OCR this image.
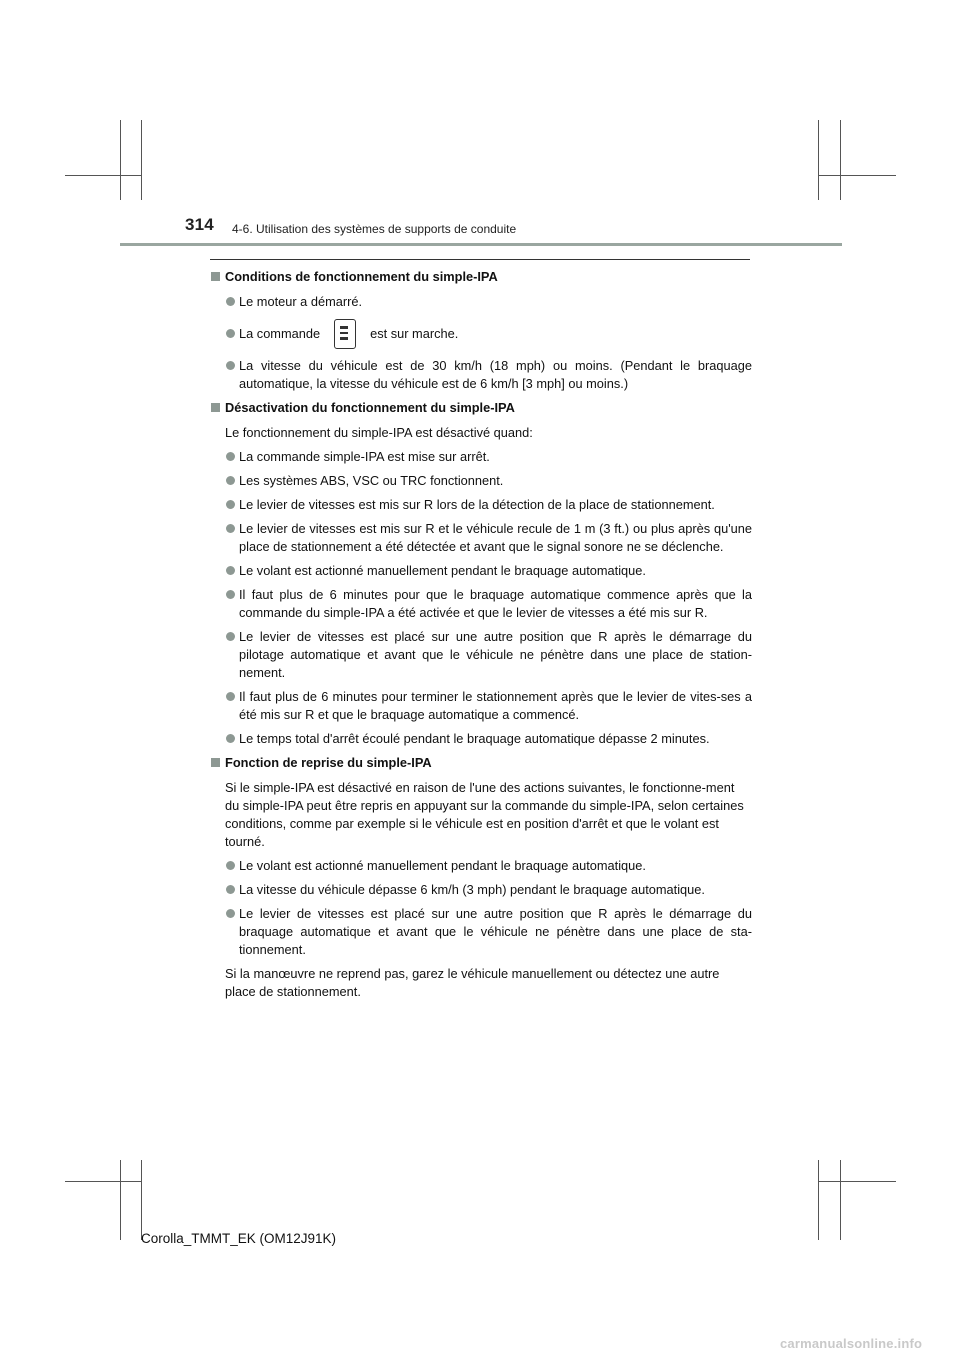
314 4-6. Utilisation des systèmes de supports de conduite
Conditions de fonctionnement du simple-IPA
Le moteur a démarré.
La commande	est sur marche.
La vitesse du véhicule est de 30 km/h (18 mph) ou moins. (Pendant le braquage automatique, la vitesse du véhicule est de 6 km/h [3 mph] ou moins.)
Désactivation du fonctionnement du simple-IPA
Le fonctionnement du simple-IPA est désactivé quand:
La commande simple-IPA est mise sur arrêt.
Les systèmes ABS, VSC ou TRC fonctionnent.
Le levier de vitesses est mis sur R lors de la détection de la place de stationnement.
Le levier de vitesses est mis sur R et le véhicule recule de 1 m (3 ft.) ou plus après qu'une place de stationnement a été détectée et avant que le signal sonore ne se déclenche.
Le volant est actionné manuellement pendant le braquage automatique.
Il faut plus de 6 minutes pour que le braquage automatique commence après que la commande du simple-IPA a été activée et que le levier de vitesses a été mis sur R.
Le levier de vitesses est placé sur une autre position que R après le démarrage du pilotage automatique et avant que le véhicule ne pénètre dans une place de station-nement.
Il faut plus de 6 minutes pour terminer le stationnement après que le levier de vites-ses a été mis sur R et que le braquage automatique a commencé.
Le temps total d'arrêt écoulé pendant le braquage automatique dépasse 2 minutes.
Fonction de reprise du simple-IPA
Si le simple-IPA est désactivé en raison de l'une des actions suivantes, le fonctionne-ment du simple-IPA peut être repris en appuyant sur la commande du simple-IPA, selon certaines conditions, comme par exemple si le véhicule est en position d'arrêt et que le volant est tourné.
Le volant est actionné manuellement pendant le braquage automatique.
La vitesse du véhicule dépasse 6 km/h (3 mph) pendant le braquage automatique.
Le levier de vitesses est placé sur une autre position que R après le démarrage du braquage automatique et avant que le véhicule ne pénètre dans une place de sta-tionnement.
Si la manœuvre ne reprend pas, garez le véhicule manuellement ou détectez une autre place de stationnement.
Corolla_TMMT_EK (OM12J91K)
carmanualsonline.info
